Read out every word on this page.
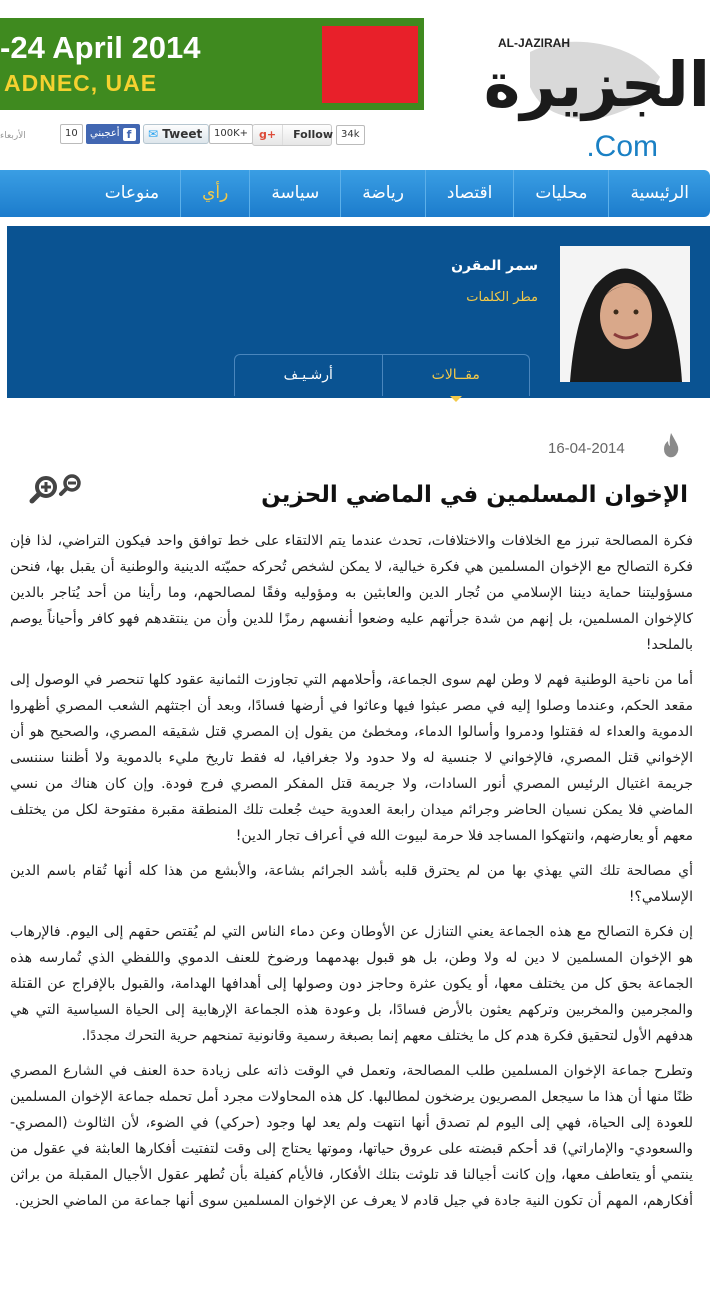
-24 April 2014
ADNEC, UAE
AL-JAZIRAH
الجزيرة
.Com
الأربعاء	10	أعجبني f	✉ Tweet	100K+ g+	Follow 34k
الرئيسية
محليات
اقتصاد
رياضة
سياسة
رأي
منوعات
سمر المقرن
مطر الكلمات
مقــالات
أرشـيـف
16-04-2014
الإخوان المسلمين في الماضي الحزين

فكرة المصالحة تبرز مع الخلافات والاختلافات، تحدث عندما يتم الالتقاء على خط توافق واحد فيكون التراضي، لذا فإن فكرة التصالح مع الإخوان المسلمين هي فكرة خيالية، لا يمكن لشخص تُحركه حميّته الدينية والوطنية أن يقبل بها، فنحن مسؤوليتنا حماية ديننا الإسلامي من تُجار الدين والعابثين به ومؤوليه وفقًا لمصالحهم، وما رأينا من أحد يُتاجر بالدين كالإخوان المسلمين، بل إنهم من شدة جرأتهم عليه وضعوا أنفسهم رمزًا للدين وأن من ينتقدهم فهو كافر وأحياناً يوصم بالملحد!

أما من ناحية الوطنية فهم لا وطن لهم سوى الجماعة، وأحلامهم التي تجاوزت الثمانية عقود كلها تنحصر في الوصول إلى مقعد الحكم، وعندما وصلوا إليه في مصر عبثوا فيها وعاثوا في أرضها فسادًا، وبعد أن اجتثهم الشعب المصري أظهروا الدموية والعداء له فقتلوا ودمروا وأسالوا الدماء، ومخطئ من يقول إن المصري قتل شقيقه المصري، والصحيح هو أن الإخواني قتل المصري، فالإخواني لا جنسية له ولا حدود ولا جغرافيا، له فقط تاريخ مليء بالدموية ولا أظننا سننسى جريمة اغتيال الرئيس المصري أنور السادات، ولا جريمة قتل المفكر المصري فرج فودة. وإن كان هناك من نسي الماضي فلا يمكن نسيان الحاضر وجرائم ميدان رابعة العدوية حيث جُعلت تلك المنطقة مقبرة مفتوحة لكل من يختلف معهم أو يعارضهم، وانتهكوا المساجد فلا حرمة لبيوت الله في أعراف تجار الدين!

أي مصالحة تلك التي يهذي بها من لم يحترق قلبه بأشد الجرائم بشاعة، والأبشع من هذا كله أنها تُقام باسم الدين الإسلامي؟!

إن فكرة التصالح مع هذه الجماعة يعني التنازل عن الأوطان وعن دماء الناس التي لم يُقتص حقهم إلى اليوم. فالإرهاب هو الإخوان المسلمين لا دين له ولا وطن، بل هو قبول بهدمهما ورضوخ للعنف الدموي واللفظي الذي تُمارسه هذه الجماعة بحق كل من يختلف معها، أو يكون عثرة وحاجز دون وصولها إلى أهدافها الهدامة، والقبول بالإفراج عن القتلة والمجرمين والمخربين وتركهم يعثون بالأرض فسادًا، بل وعودة هذه الجماعة الإرهابية إلى الحياة السياسية التي هي هدفهم الأول لتحقيق فكرة هدم كل ما يختلف معهم إنما بصبغة رسمية وقانونية تمنحهم حرية التحرك مجددًا.

وتطرح جماعة الإخوان المسلمين طلب المصالحة، وتعمل في الوقت ذاته على زيادة حدة العنف في الشارع المصري ظنًا منها أن هذا ما سيجعل المصريون يرضخون لمطالبها. كل هذه المحاولات مجرد أمل تحمله جماعة الإخوان المسلمين للعودة إلى الحياة، فهي إلى اليوم لم تصدق أنها انتهت ولم يعد لها وجود (حركي) في الضوء، لأن الثالوث (المصري-والسعودي- والإماراتي) قد أحكم قبضته على عروق حياتها، وموتها يحتاج إلى وقت لتفتيت أفكارها العابثة في عقول من ينتمي أو يتعاطف معها، وإن كانت أجيالنا قد تلوثت بتلك الأفكار، فالأيام كفيلة بأن تُطهر عقول الأجيال المقبلة من براثن أفكارهم، المهم أن تكون النية جادة في جيل قادم لا يعرف عن الإخوان المسلمين سوى أنها جماعة من الماضي الحزين.
